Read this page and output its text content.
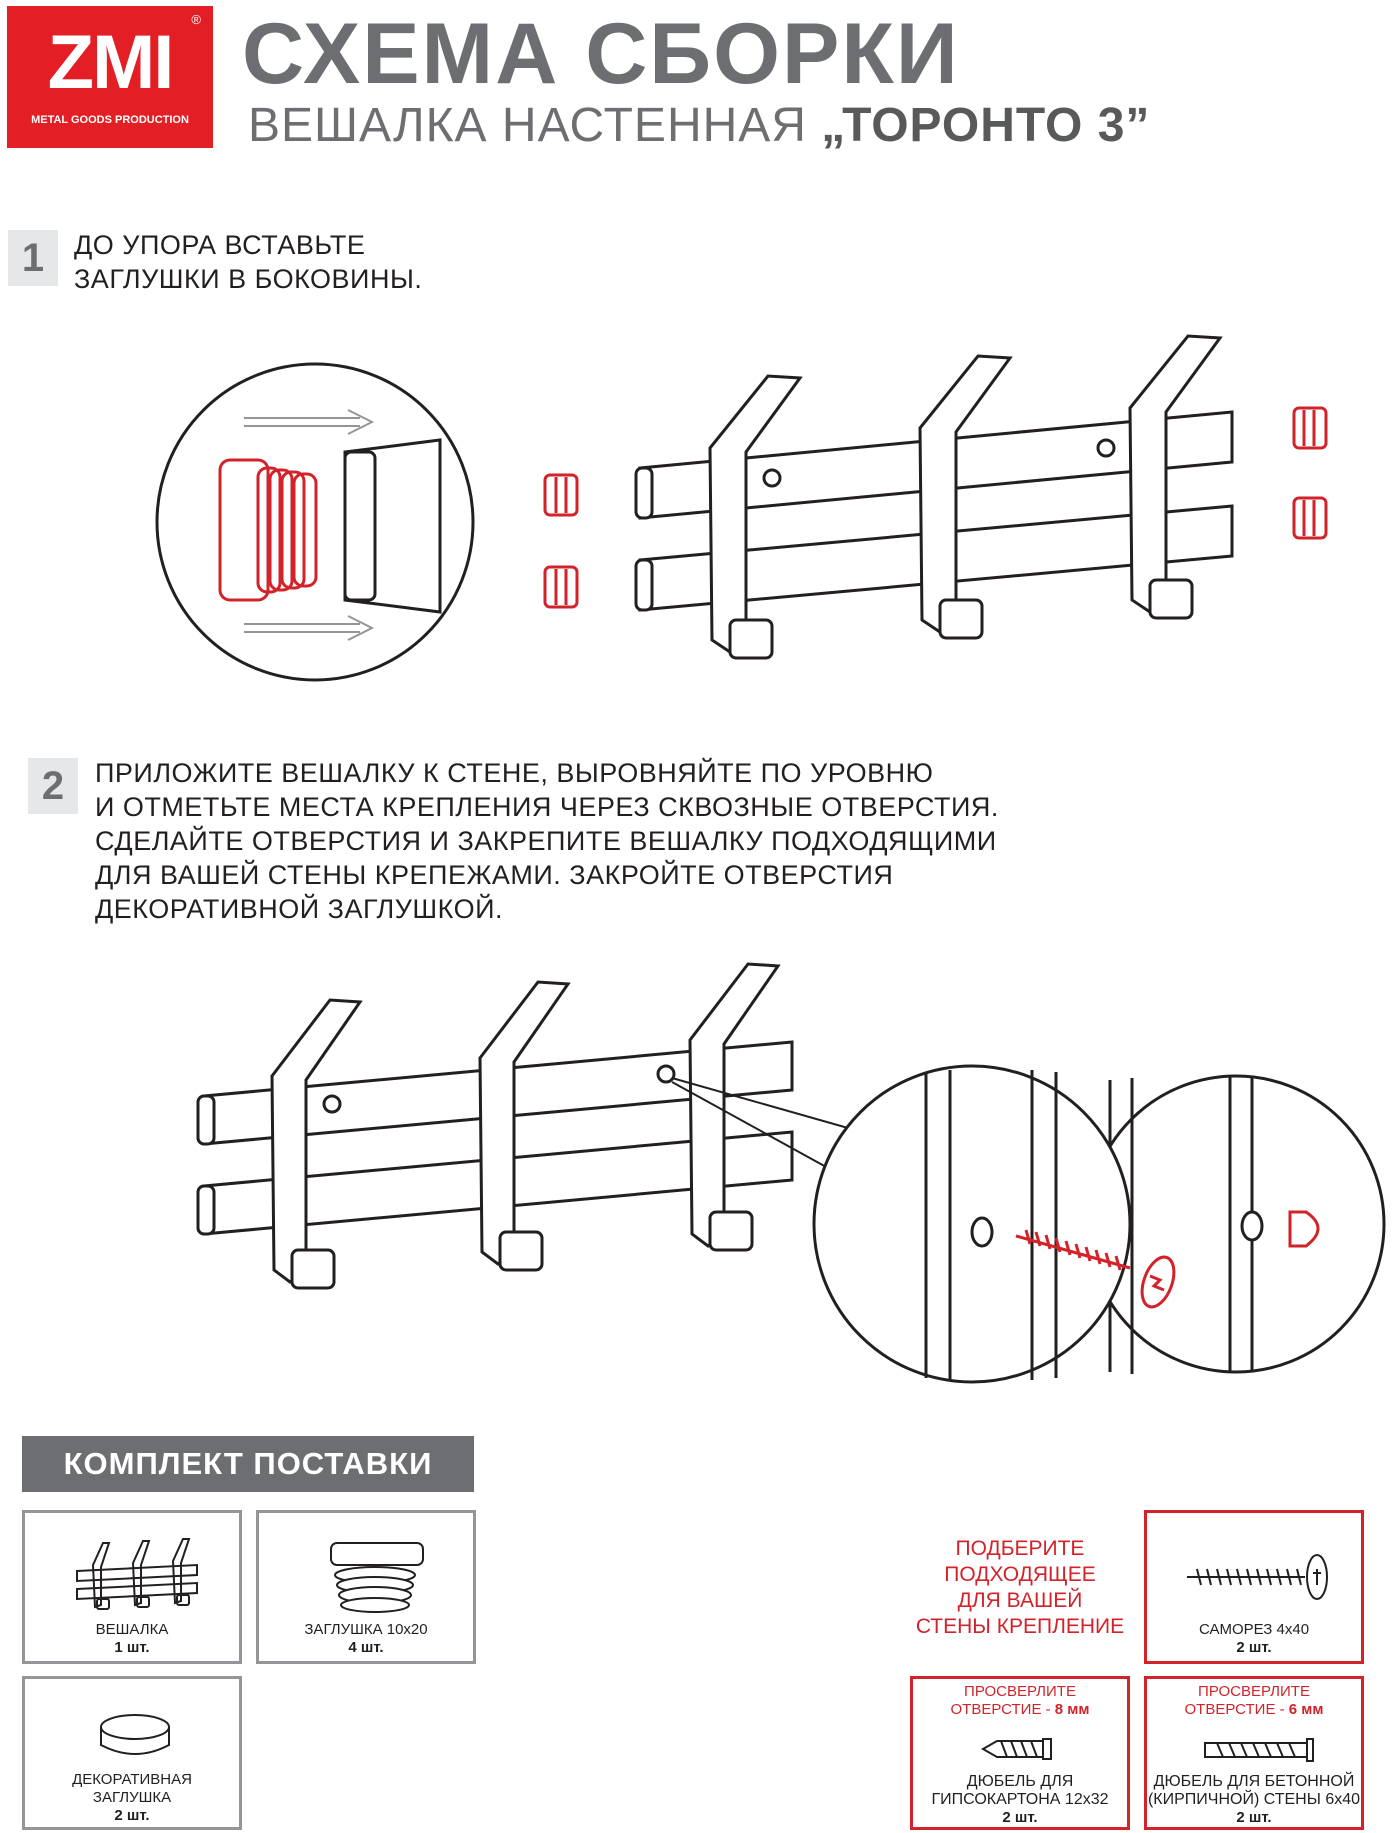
ZMI
®
METAL GOODS PRODUCTION
СХЕМА СБОРКИ
ВЕШАЛКА НАСТЕННАЯ „ТОРОНТО 3”
1	ДО УПОРА ВСТАВЬТЕ
ЗАГЛУШКИ В БОКОВИНЫ.
2	ПРИЛОЖИТЕ ВЕШАЛКУ К СТЕНЕ, ВЫРОВНЯЙТЕ ПО УРОВНЮ
И ОТМЕТЬТЕ МЕСТА КРЕПЛЕНИЯ ЧЕРЕЗ СКВОЗНЫЕ ОТВЕРСТИЯ.
СДЕЛАЙТЕ ОТВЕРСТИЯ И ЗАКРЕПИТЕ ВЕШАЛКУ ПОДХОДЯЩИМИ
ДЛЯ ВАШЕЙ СТЕНЫ КРЕПЕЖАМИ. ЗАКРОЙТЕ ОТВЕРСТИЯ
ДЕКОРАТИВНОЙ ЗАГЛУШКОЙ.
КОМПЛЕКТ ПОСТАВКИ
ВЕШАЛКА
1 шт.
ЗАГЛУШКА 10х20
4 шт.
ДЕКОРАТИВНАЯ
ЗАГЛУШКА
2 шт.
ПОДБЕРИТЕ
ПОДХОДЯЩЕЕ
ДЛЯ ВАШЕЙ
СТЕНЫ КРЕПЛЕНИЕ	САМОРЕЗ 4х40
2 шт.
ПРОСВЕРЛИТЕ
ОТВЕРСТИЕ - 8 мм
ДЮБЕЛЬ ДЛЯ
ГИПСОКАРТОНА 12х32
2 шт.
ПРОСВЕРЛИТЕ
ОТВЕРСТИЕ - 6 мм
ДЮБЕЛЬ ДЛЯ БЕТОННОЙ
(КИРПИЧНОЙ) СТЕНЫ 6х40
2 шт.
